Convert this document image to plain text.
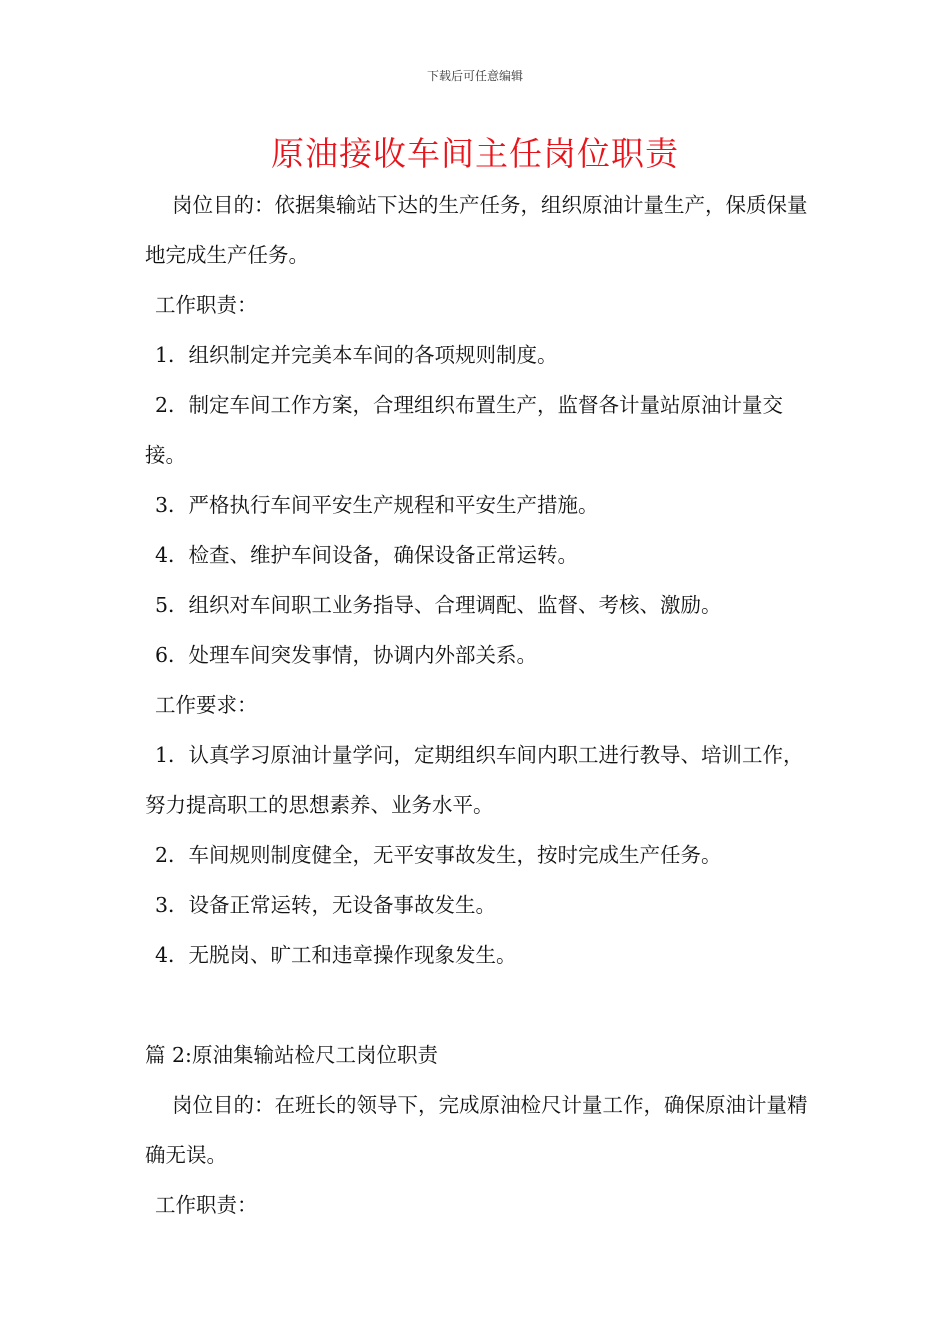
下载后可任意编辑
原油接收车间主任岗位职责

岗位目的：依据集输站下达的生产任务，组织原油计量生产，保质保量地完成生产任务。

工作职责：

1．组织制定并完美本车间的各项规则制度。

2．制定车间工作方案，合理组织布置生产，监督各计量站原油计量交接。

3．严格执行车间平安生产规程和平安生产措施。

4．检查、维护车间设备，确保设备正常运转。

5．组织对车间职工业务指导、合理调配、监督、考核、激励。

6．处理车间突发事情，协调内外部关系。

工作要求：

1．认真学习原油计量学问，定期组织车间内职工进行教导、培训工作，努力提高职工的思想素养、业务水平。

2．车间规则制度健全，无平安事故发生，按时完成生产任务。

3．设备正常运转，无设备事故发生。

4．无脱岗、旷工和违章操作现象发生。

篇 2:原油集输站检尺工岗位职责

岗位目的：在班长的领导下，完成原油检尺计量工作，确保原油计量精确无误。

工作职责：
